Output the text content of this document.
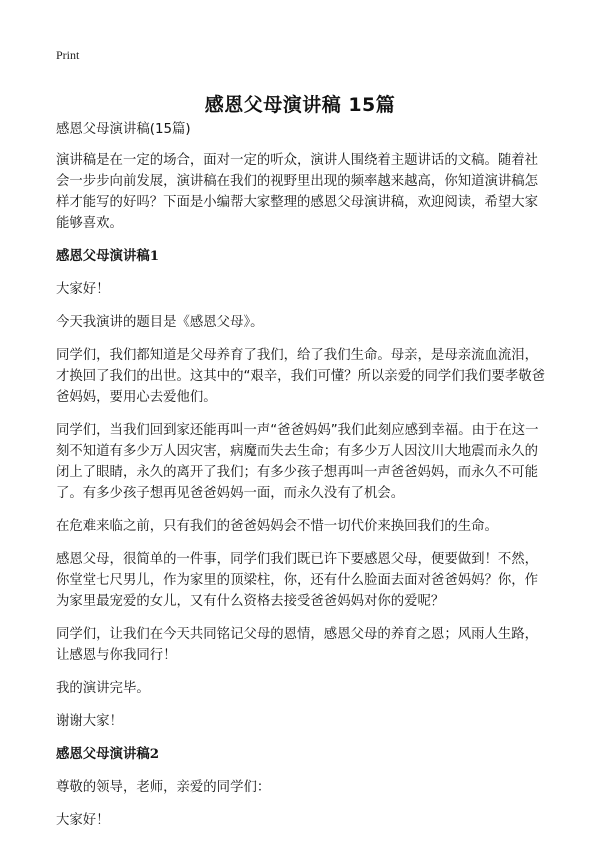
Print
感恩父母演讲稿 15篇

感恩父母演讲稿(15篇)

演讲稿是在一定的场合，面对一定的听众，演讲人围绕着主题讲话的文稿。随着社会一步步向前发展，演讲稿在我们的视野里出现的频率越来越高，你知道演讲稿怎样才能写的好吗？下面是小编帮大家整理的感恩父母演讲稿，欢迎阅读，希望大家能够喜欢。

感恩父母演讲稿1

大家好！

今天我演讲的题目是《感恩父母》。

同学们，我们都知道是父母养育了我们，给了我们生命。母亲，是母亲流血流泪，才换回了我们的出世。这其中的“艰辛，我们可懂？所以亲爱的同学们我们要孝敬爸爸妈妈，要用心去爱他们。

同学们，当我们回到家还能再叫一声“爸爸妈妈”我们此刻应感到幸福。由于在这一刻不知道有多少万人因灾害，病魔而失去生命；有多少万人因汶川大地震而永久的闭上了眼睛，永久的离开了我们；有多少孩子想再叫一声爸爸妈妈，而永久不可能了。有多少孩子想再见爸爸妈妈一面，而永久没有了机会。

在危难来临之前，只有我们的爸爸妈妈会不惜一切代价来换回我们的生命。

感恩父母，很简单的一件事，同学们我们既已许下要感恩父母，便要做到！不然，你堂堂七尺男儿，作为家里的顶梁柱，你，还有什么脸面去面对爸爸妈妈？你，作为家里最宠爱的女儿，又有什么资格去接受爸爸妈妈对你的爱呢？

同学们，让我们在今天共同铭记父母的恩情，感恩父母的养育之恩；风雨人生路，让感恩与你我同行！

我的演讲完毕。

谢谢大家！

感恩父母演讲稿2

尊敬的领导，老师，亲爱的同学们：

大家好！
